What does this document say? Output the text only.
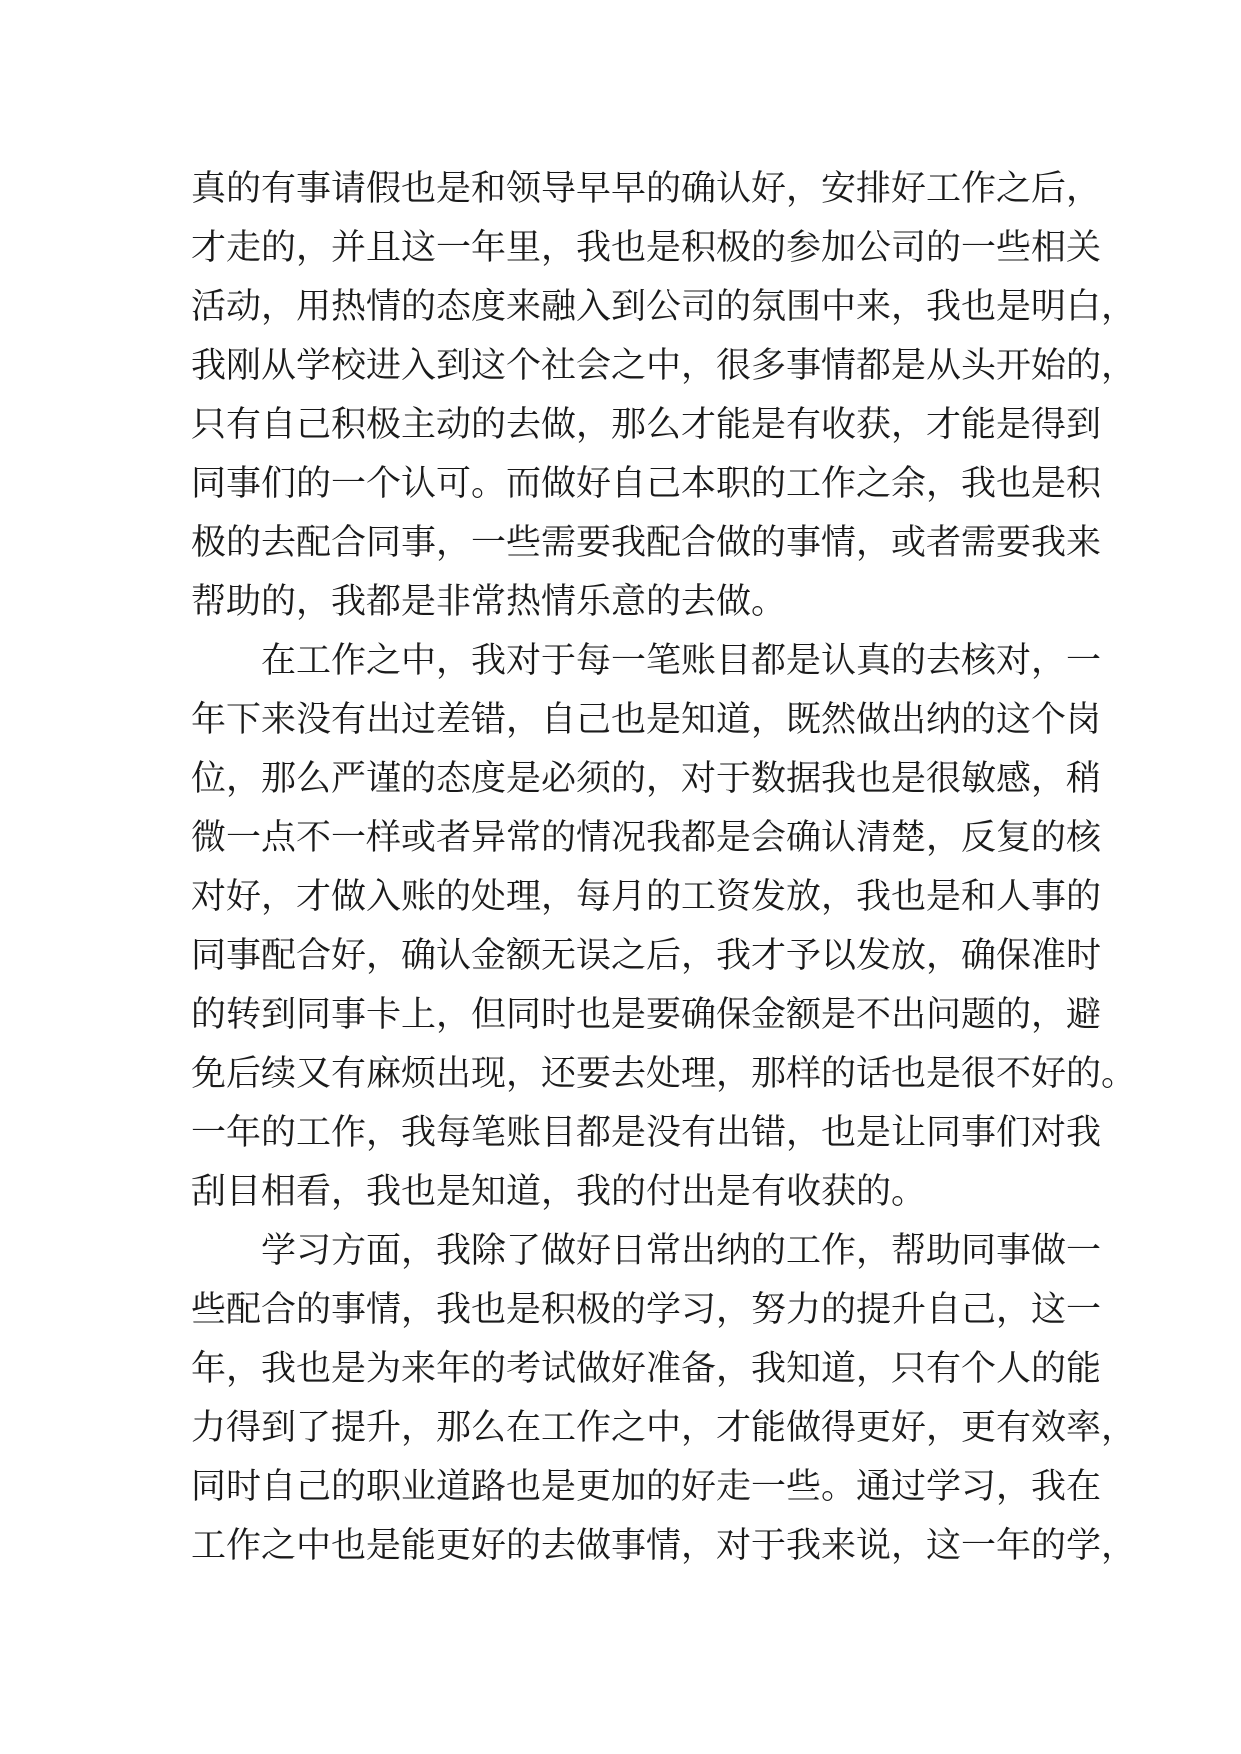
真的有事请假也是和领导早早的确认好，安排好工作之后，
才走的，并且这一年里，我也是积极的参加公司的一些相关
活动，用热情的态度来融入到公司的氛围中来，我也是明白，
我刚从学校进入到这个社会之中，很多事情都是从头开始的，
只有自己积极主动的去做，那么才能是有收获，才能是得到
同事们的一个认可。而做好自己本职的工作之余，我也是积
极的去配合同事，一些需要我配合做的事情，或者需要我来
帮助的，我都是非常热情乐意的去做。
在工作之中，我对于每一笔账目都是认真的去核对，一
年下来没有出过差错，自己也是知道，既然做出纳的这个岗
位，那么严谨的态度是必须的，对于数据我也是很敏感，稍
微一点不一样或者异常的情况我都是会确认清楚，反复的核
对好，才做入账的处理，每月的工资发放，我也是和人事的
同事配合好，确认金额无误之后，我才予以发放，确保准时
的转到同事卡上，但同时也是要确保金额是不出问题的，避
免后续又有麻烦出现，还要去处理，那样的话也是很不好的。
一年的工作，我每笔账目都是没有出错，也是让同事们对我
刮目相看，我也是知道，我的付出是有收获的。
学习方面，我除了做好日常出纳的工作，帮助同事做一
些配合的事情，我也是积极的学习，努力的提升自己，这一
年，我也是为来年的考试做好准备，我知道，只有个人的能
力得到了提升，那么在工作之中，才能做得更好，更有效率，
同时自己的职业道路也是更加的好走一些。通过学习，我在
工作之中也是能更好的去做事情，对于我来说，这一年的学，
